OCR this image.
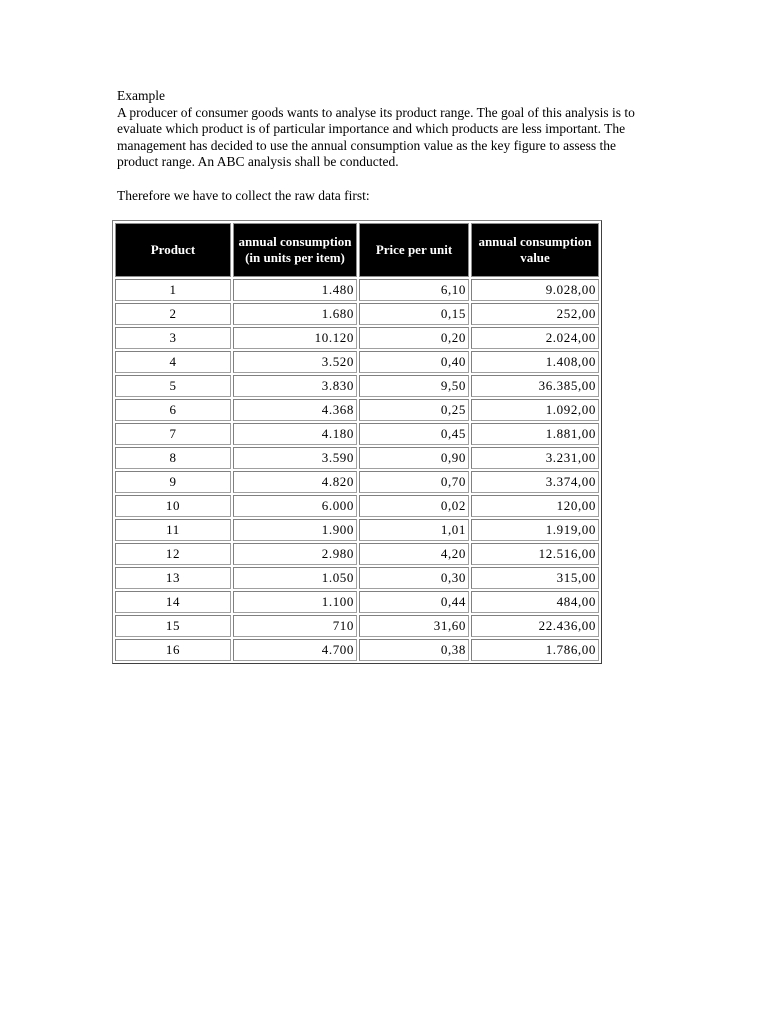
Example

A producer of consumer goods wants to analyse its product range. The goal of this analysis is to evaluate which product is of particular importance and which products are less important. The management has decided to use the annual consumption value as the key figure to assess the product range. An ABC analysis shall be conducted.

Therefore we have to collect the raw data first:

Product	annual consumption (in units per item)	Price per unit	annual consumption value
1	1.480	6,10	9.028,00
2	1.680	0,15	252,00
3	10.120	0,20	2.024,00
4	3.520	0,40	1.408,00
5	3.830	9,50	36.385,00
6	4.368	0,25	1.092,00
7	4.180	0,45	1.881,00
8	3.590	0,90	3.231,00
9	4.820	0,70	3.374,00
10	6.000	0,02	120,00
11	1.900	1,01	1.919,00
12	2.980	4,20	12.516,00
13	1.050	0,30	315,00
14	1.100	0,44	484,00
15	710	31,60	22.436,00
16	4.700	0,38	1.786,00
